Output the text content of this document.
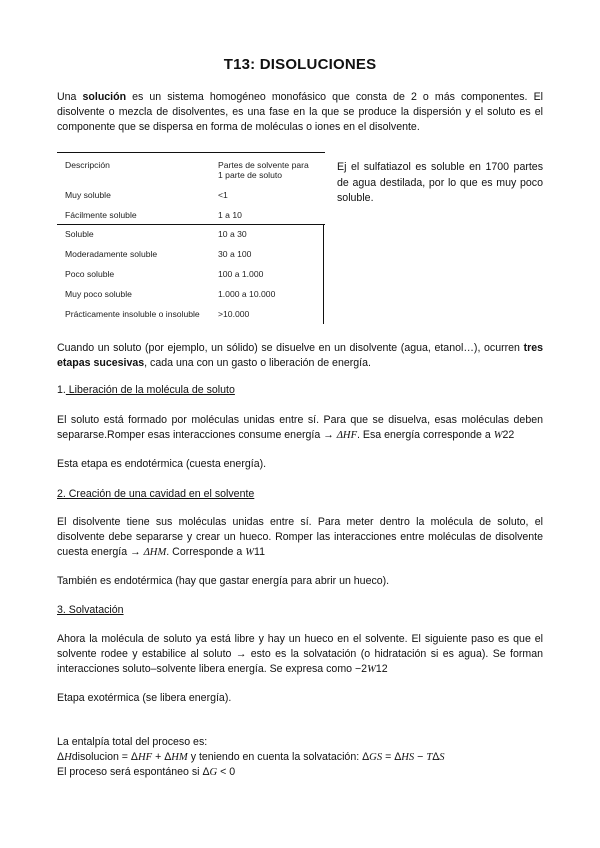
T13: DISOLUCIONES
Una solución es un sistema homogéneo monofásico que consta de 2 o más componentes. El disolvente o mezcla de disolventes, es una fase en la que se produce la dispersión y el soluto es el componente que se dispersa en forma de moléculas o iones en el disolvente.
Descripción	Partes de solvente para
1 parte de soluto
Muy soluble	<1
Fácilmente soluble	1 a 10
Soluble	10 a 30
Moderadamente soluble	30 a 100
Poco soluble	100 a 1.000
Muy poco soluble	1.000 a 10.000
Prácticamente insoluble o insoluble >10.000
Ej el sulfatiazol es soluble en 1700 partes de agua destilada, por lo que es muy poco soluble.
Cuando un soluto (por ejemplo, un sólido) se disuelve en un disolvente (agua, etanol…), ocurren tres etapas sucesivas, cada una con un gasto o liberación de energía.
1. Liberación de la molécula de soluto
El soluto está formado por moléculas unidas entre sí. Para que se disuelva, esas moléculas deben separarse.Romper esas interacciones consume energía → ΔHF. Esa energía corresponde a W22
Esta etapa es endotérmica (cuesta energía).
2. Creación de una cavidad en el solvente
El disolvente tiene sus moléculas unidas entre sí. Para meter dentro la molécula de soluto, el disolvente debe separarse y crear un hueco. Romper las interacciones entre moléculas de disolvente cuesta energía → ΔHM. Corresponde a W11
También es endotérmica (hay que gastar energía para abrir un hueco).
3. Solvatación
Ahora la molécula de soluto ya está libre y hay un hueco en el solvente. El siguiente paso es que el solvente rodee y estabilice al soluto → esto es la solvatación (o hidratación si es agua). Se forman interacciones soluto–solvente libera energía. Se expresa como −2W12
Etapa exotérmica (se libera energía).
La entalpía total del proceso es:
ΔHdisolucion = ΔHF + ΔHM y teniendo en cuenta la solvatación: ΔGS = ΔHS − TΔS
El proceso será espontáneo si ΔG < 0
